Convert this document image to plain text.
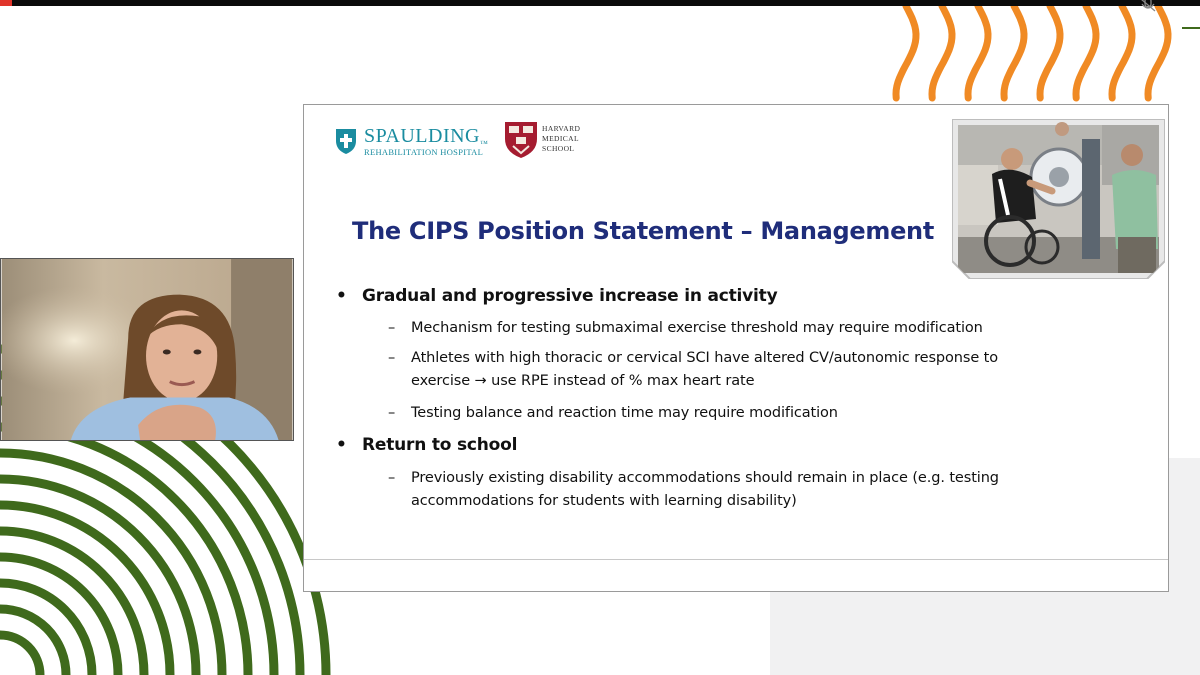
SPAULDING™
REHABILITATION HOSPITAL
HARVARD
MEDICAL
SCHOOL
The CIPS Position Statement – Management
• Gradual and progressive increase in activity
– Mechanism for testing submaximal exercise threshold may require modification
– Athletes with high thoracic or cervical SCI have altered CV/autonomic response to
exercise → use RPE instead of % max heart rate
– Testing balance and reaction time may require modification
• Return to school
– Previously existing disability accommodations should remain in place (e.g. testing
accommodations for students with learning disability)
